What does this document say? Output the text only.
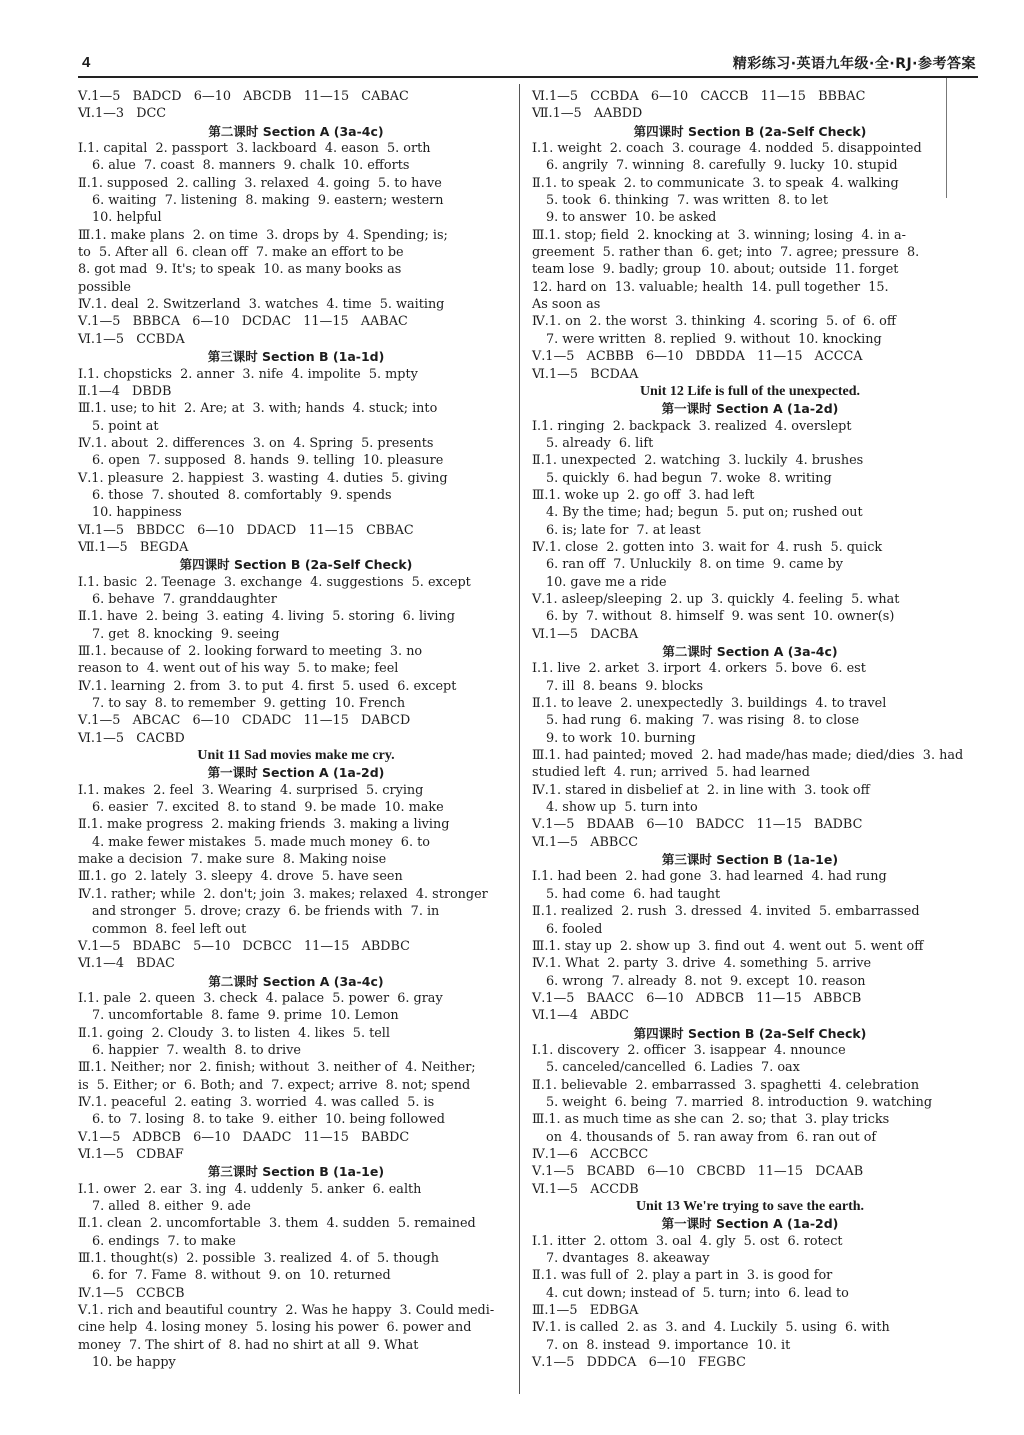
4	精彩练习·英语九年级·全·RJ·参考答案
Ⅴ.1—5   BADCD   6—10   ABCDB   11—15   CABAC
Ⅵ.1—3   DCC
第二课时 Section A (3a-4c)
Ⅰ.1. capital  2. passport  3. lackboard  4. eason  5. orth
6. alue  7. coast  8. manners  9. chalk  10. efforts
Ⅱ.1. supposed  2. calling  3. relaxed  4. going  5. to have
6. waiting  7. listening  8. making  9. eastern; western
10. helpful
Ⅲ.1. make plans  2. on time  3. drops by  4. Spending; is;
to  5. After all  6. clean off  7. make an effort to be
8. got mad  9. It's; to speak  10. as many books as
possible
Ⅳ.1. deal  2. Switzerland  3. watches  4. time  5. waiting
Ⅴ.1—5   BBBCA   6—10   DCDAC   11—15   AABAC
Ⅵ.1—5   CCBDA
第三课时 Section B (1a-1d)
Ⅰ.1. chopsticks  2. anner  3. nife  4. impolite  5. mpty
Ⅱ.1—4   DBDB
Ⅲ.1. use; to hit  2. Are; at  3. with; hands  4. stuck; into
5. point at
Ⅳ.1. about  2. differences  3. on  4. Spring  5. presents
6. open  7. supposed  8. hands  9. telling  10. pleasure
Ⅴ.1. pleasure  2. happiest  3. wasting  4. duties  5. giving
6. those  7. shouted  8. comfortably  9. spends
10. happiness
Ⅵ.1—5   BBDCC   6—10   DDACD   11—15   CBBAC
Ⅶ.1—5   BEGDA
第四课时 Section B (2a-Self Check)
Ⅰ.1. basic  2. Teenage  3. exchange  4. suggestions  5. except
6. behave  7. granddaughter
Ⅱ.1. have  2. being  3. eating  4. living  5. storing  6. living
7. get  8. knocking  9. seeing
Ⅲ.1. because of  2. looking forward to meeting  3. no
reason to  4. went out of his way  5. to make; feel
Ⅳ.1. learning  2. from  3. to put  4. first  5. used  6. except
7. to say  8. to remember  9. getting  10. French
Ⅴ.1—5   ABCAC   6—10   CDADC   11—15   DABCD
Ⅵ.1—5   CACBD
Unit 11 Sad movies make me cry.
第一课时 Section A (1a-2d)
Ⅰ.1. makes  2. feel  3. Wearing  4. surprised  5. crying
6. easier  7. excited  8. to stand  9. be made  10. make
Ⅱ.1. make progress  2. making friends  3. making a living
4. make fewer mistakes  5. made much money  6. to
make a decision  7. make sure  8. Making noise
Ⅲ.1. go  2. lately  3. sleepy  4. drove  5. have seen
Ⅳ.1. rather; while  2. don't; join  3. makes; relaxed  4. stronger
and stronger  5. drove; crazy  6. be friends with  7. in
common  8. feel left out
Ⅴ.1—5   BDABC   5—10   DCBCC   11—15   ABDBC
Ⅵ.1—4   BDAC
第二课时 Section A (3a-4c)
Ⅰ.1. pale  2. queen  3. check  4. palace  5. power  6. gray
7. uncomfortable  8. fame  9. prime  10. Lemon
Ⅱ.1. going  2. Cloudy  3. to listen  4. likes  5. tell
6. happier  7. wealth  8. to drive
Ⅲ.1. Neither; nor  2. finish; without  3. neither of  4. Neither;
is  5. Either; or  6. Both; and  7. expect; arrive  8. not; spend
Ⅳ.1. peaceful  2. eating  3. worried  4. was called  5. is
6. to  7. losing  8. to take  9. either  10. being followed
Ⅴ.1—5   ADBCB   6—10   DAADC   11—15   BABDC
Ⅵ.1—5   CDBAF
第三课时 Section B (1a-1e)
Ⅰ.1. ower  2. ear  3. ing  4. uddenly  5. anker  6. ealth
7. alled  8. either  9. ade
Ⅱ.1. clean  2. uncomfortable  3. them  4. sudden  5. remained
6. endings  7. to make
Ⅲ.1. thought(s)  2. possible  3. realized  4. of  5. though
6. for  7. Fame  8. without  9. on  10. returned
Ⅳ.1—5   CCBCB
Ⅴ.1. rich and beautiful country  2. Was he happy  3. Could medi-
cine help  4. losing money  5. losing his power  6. power and
money  7. The shirt of  8. had no shirt at all  9. What
10. be happy
Ⅵ.1—5   CCBDA   6—10   CACCB   11—15   BBBAC
Ⅶ.1—5   AABDD
第四课时 Section B (2a-Self Check)
Ⅰ.1. weight  2. coach  3. courage  4. nodded  5. disappointed
6. angrily  7. winning  8. carefully  9. lucky  10. stupid
Ⅱ.1. to speak  2. to communicate  3. to speak  4. walking
5. took  6. thinking  7. was written  8. to let
9. to answer  10. be asked
Ⅲ.1. stop; field  2. knocking at  3. winning; losing  4. in a-
greement  5. rather than  6. get; into  7. agree; pressure  8.
team lose  9. badly; group  10. about; outside  11. forget
12. hard on  13. valuable; health  14. pull together  15.
As soon as
Ⅳ.1. on  2. the worst  3. thinking  4. scoring  5. of  6. off
7. were written  8. replied  9. without  10. knocking
Ⅴ.1—5   ACBBB   6—10   DBDDA   11—15   ACCCA
Ⅵ.1—5   BCDAA
Unit 12 Life is full of the unexpected.
第一课时 Section A (1a-2d)
Ⅰ.1. ringing  2. backpack  3. realized  4. overslept
5. already  6. lift
Ⅱ.1. unexpected  2. watching  3. luckily  4. brushes
5. quickly  6. had begun  7. woke  8. writing
Ⅲ.1. woke up  2. go off  3. had left
4. By the time; had; begun  5. put on; rushed out
6. is; late for  7. at least
Ⅳ.1. close  2. gotten into  3. wait for  4. rush  5. quick
6. ran off  7. Unluckily  8. on time  9. came by
10. gave me a ride
Ⅴ.1. asleep/sleeping  2. up  3. quickly  4. feeling  5. what
6. by  7. without  8. himself  9. was sent  10. owner(s)
Ⅵ.1—5   DACBA
第二课时 Section A (3a-4c)
Ⅰ.1. live  2. arket  3. irport  4. orkers  5. bove  6. est
7. ill  8. beans  9. blocks
Ⅱ.1. to leave  2. unexpectedly  3. buildings  4. to travel
5. had rung  6. making  7. was rising  8. to close
9. to work  10. burning
Ⅲ.1. had painted; moved  2. had made/has made; died/dies  3. had
studied left  4. run; arrived  5. had learned
Ⅳ.1. stared in disbelief at  2. in line with  3. took off
4. show up  5. turn into
Ⅴ.1—5   BDAAB   6—10   BADCC   11—15   BADBC
Ⅵ.1—5   ABBCC
第三课时 Section B (1a-1e)
Ⅰ.1. had been  2. had gone  3. had learned  4. had rung
5. had come  6. had taught
Ⅱ.1. realized  2. rush  3. dressed  4. invited  5. embarrassed
6. fooled
Ⅲ.1. stay up  2. show up  3. find out  4. went out  5. went off
Ⅳ.1. What  2. party  3. drive  4. something  5. arrive
6. wrong  7. already  8. not  9. except  10. reason
Ⅴ.1—5   BAACC   6—10   ADBCB   11—15   ABBCB
Ⅵ.1—4   ABDC
第四课时 Section B (2a-Self Check)
Ⅰ.1. discovery  2. officer  3. isappear  4. nnounce
5. canceled/cancelled  6. Ladies  7. oax
Ⅱ.1. believable  2. embarrassed  3. spaghetti  4. celebration
5. weight  6. being  7. married  8. introduction  9. watching
Ⅲ.1. as much time as she can  2. so; that  3. play tricks
on  4. thousands of  5. ran away from  6. ran out of
Ⅳ.1—6   ACCBCC
Ⅴ.1—5   BCABD   6—10   CBCBD   11—15   DCAAB
Ⅵ.1—5   ACCDB
Unit 13 We're trying to save the earth.
第一课时 Section A (1a-2d)
Ⅰ.1. itter  2. ottom  3. oal  4. gly  5. ost  6. rotect
7. dvantages  8. akeaway
Ⅱ.1. was full of  2. play a part in  3. is good for
4. cut down; instead of  5. turn; into  6. lead to
Ⅲ.1—5   EDBGA
Ⅳ.1. is called  2. as  3. and  4. Luckily  5. using  6. with
7. on  8. instead  9. importance  10. it
Ⅴ.1—5   DDDCA   6—10   FEGBC
